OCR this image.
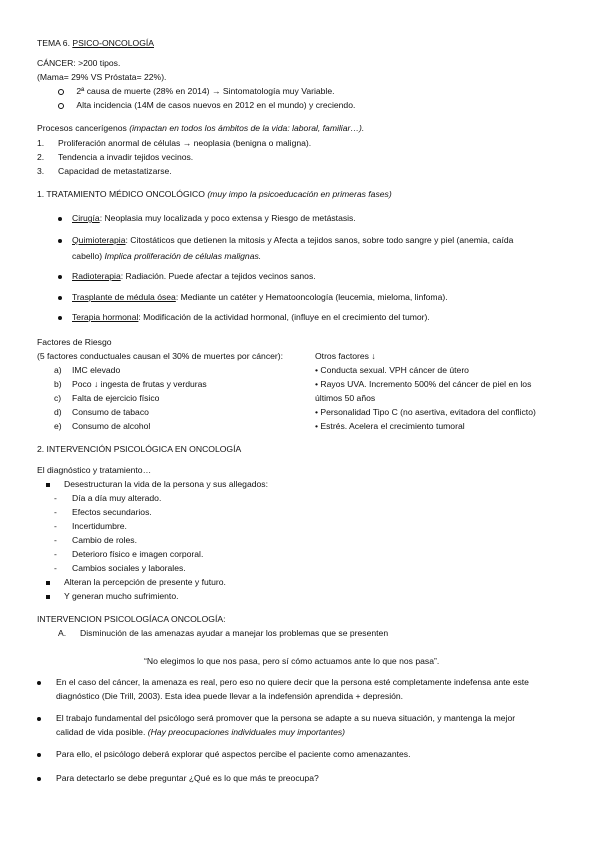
TEMA 6. PSICO-ONCOLOGÍA
CÁNCER: >200 tipos.
(Mama= 29% VS Próstata= 22%).
2ª causa de muerte (28% en 2014) → Sintomatología muy Variable.
Alta incidencia (14M de casos nuevos en 2012 en el mundo) y creciendo.
Procesos cancerígenos (impactan en todos los ámbitos de la vida: laboral, familiar…).
1. Proliferación anormal de células → neoplasia (benigna o maligna).
2. Tendencia a invadir tejidos vecinos.
3. Capacidad de metastatizarse.
1. TRATAMIENTO MÉDICO ONCOLÓGICO (muy impo la psicoeducación en primeras fases)
Cirugía: Neoplasia muy localizada y poco extensa y Riesgo de metástasis.
Quimioterapia: Citostáticos que detienen la mitosis y Afecta a tejidos sanos, sobre todo sangre y piel (anemia, caída
cabello) Implica proliferación de células malignas.
Radioterapia: Radiación. Puede afectar a tejidos vecinos sanos.
Trasplante de médula ósea: Mediante un catéter y Hematooncología (leucemia, mieloma, linfoma).
Terapia hormonal: Modificación de la actividad hormonal, (influye en el crecimiento del tumor).
Factores de Riesgo
(5 factores conductuales causan el 30% de muertes por cáncer):
a) IMC elevado
b) Poco ↓ ingesta de frutas y verduras
c) Falta de ejercicio físico
d) Consumo de tabaco
e) Consumo de alcohol
Otros factores ↓
• Conducta sexual. VPH cáncer de útero
• Rayos UVA. Incremento 500% del cáncer de piel en los
últimos 50 años
• Personalidad Tipo C (no asertiva, evitadora del conflicto)
• Estrés. Acelera el crecimiento tumoral
2. INTERVENCIÓN PSICOLÓGICA EN ONCOLOGÍA
El diagnóstico y tratamiento…
Desestructuran la vida de la persona y sus allegados:
- Día a día muy alterado.
- Efectos secundarios.
- Incertidumbre.
- Cambio de roles.
- Deterioro físico e imagen corporal.
- Cambios sociales y laborales.
Alteran la percepción de presente y futuro.
Y generan mucho sufrimiento.
INTERVENCION PSICOLOGÍACA ONCOLOGÍA:
A. Disminución de las amenazas ayudar a manejar los problemas que se presenten
“No elegimos lo que nos pasa, pero sí cómo actuamos ante lo que nos pasa”.
En el caso del cáncer, la amenaza es real, pero eso no quiere decir que la persona esté completamente indefensa ante este
diagnóstico (Die Trill, 2003). Esta idea puede llevar a la indefensión aprendida + depresión.
El trabajo fundamental del psicólogo será promover que la persona se adapte a su nueva situación, y mantenga la mejor
calidad de vida posible. (Hay preocupaciones individuales muy importantes)
Para ello, el psicólogo deberá explorar qué aspectos percibe el paciente como amenazantes.
Para detectarlo se debe preguntar ¿Qué es lo que más te preocupa?
